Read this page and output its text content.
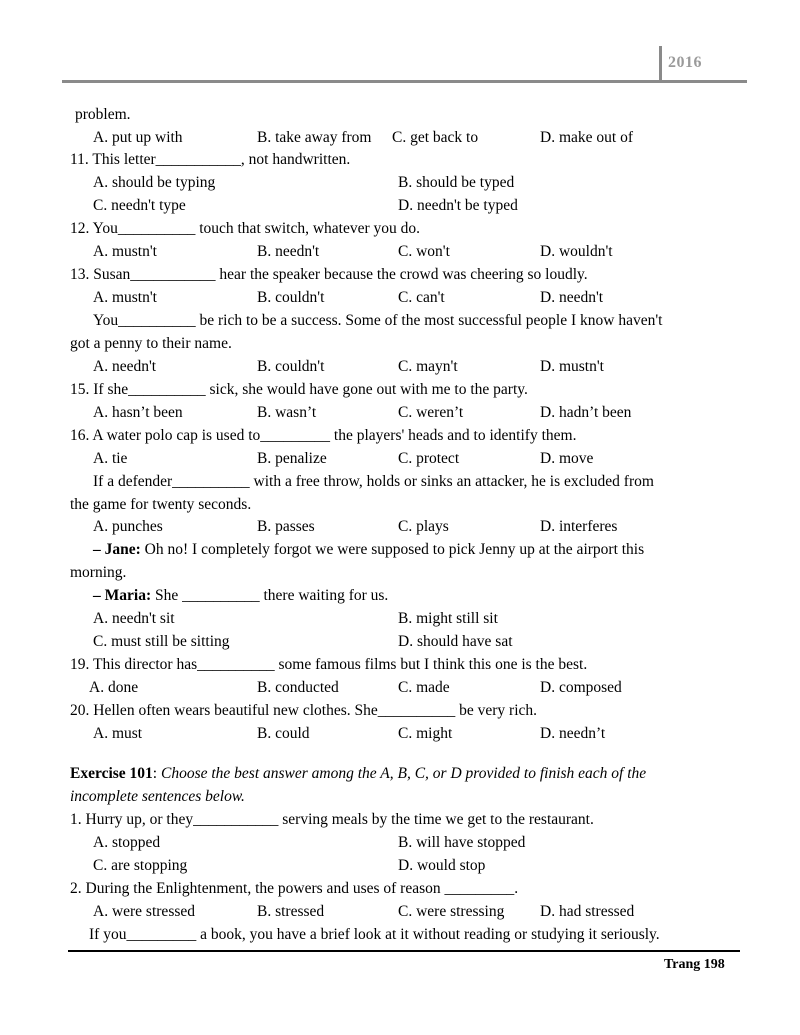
2016
problem.
A. put up with	B. take away from C. get back to	D. make out of
11. This letter___________, not handwritten.
A. should be typing	B. should be typed
C. needn't type	D. needn't be typed
12. You__________ touch that switch, whatever you do.
A. mustn't	B. needn't	C. won't	D. wouldn't
13. Susan___________ hear the speaker because the crowd was cheering so loudly.
A. mustn't	B. couldn't	C. can't	D. needn't
You__________ be rich to be a success. Some of the most successful people I know haven't
got a penny to their name.
A. needn't	B. couldn't	C. mayn't	D. mustn't
15. If she__________ sick, she would have gone out with me to the party.
A. hasn’t been	B. wasn’t	C. weren’t	D. hadn’t been
16. A water polo cap is used to_________ the players' heads and to identify them.
A. tie	B. penalize	C. protect	D. move
If a defender__________ with a free throw, holds or sinks an attacker, he is excluded from
the game for twenty seconds.
A. punches	B. passes	C. plays	D. interferes
– Jane: Oh no! I completely forgot we were supposed to pick Jenny up at the airport this
morning.
– Maria: She __________ there waiting for us.
A. needn't sit	B. might still sit
C. must still be sitting	D. should have sat
19. This director has__________ some famous films but I think this one is the best.
A. done	B. conducted	C. made	D. composed
20. Hellen often wears beautiful new clothes. She__________ be very rich.
A. must	B. could	C. might	D. needn’t
Exercise 101: Choose the best answer among the A, B, C, or D provided to finish each of the
incomplete sentences below.
1. Hurry up, or they___________ serving meals by the time we get to the restaurant.
A. stopped	B. will have stopped
C. are stopping	D. would stop
2. During the Enlightenment, the powers and uses of reason _________.
A. were stressed	B. stressed	C. were stressing D. had stressed
If you_________ a book, you have a brief look at it without reading or studying it seriously.
Trang 198
